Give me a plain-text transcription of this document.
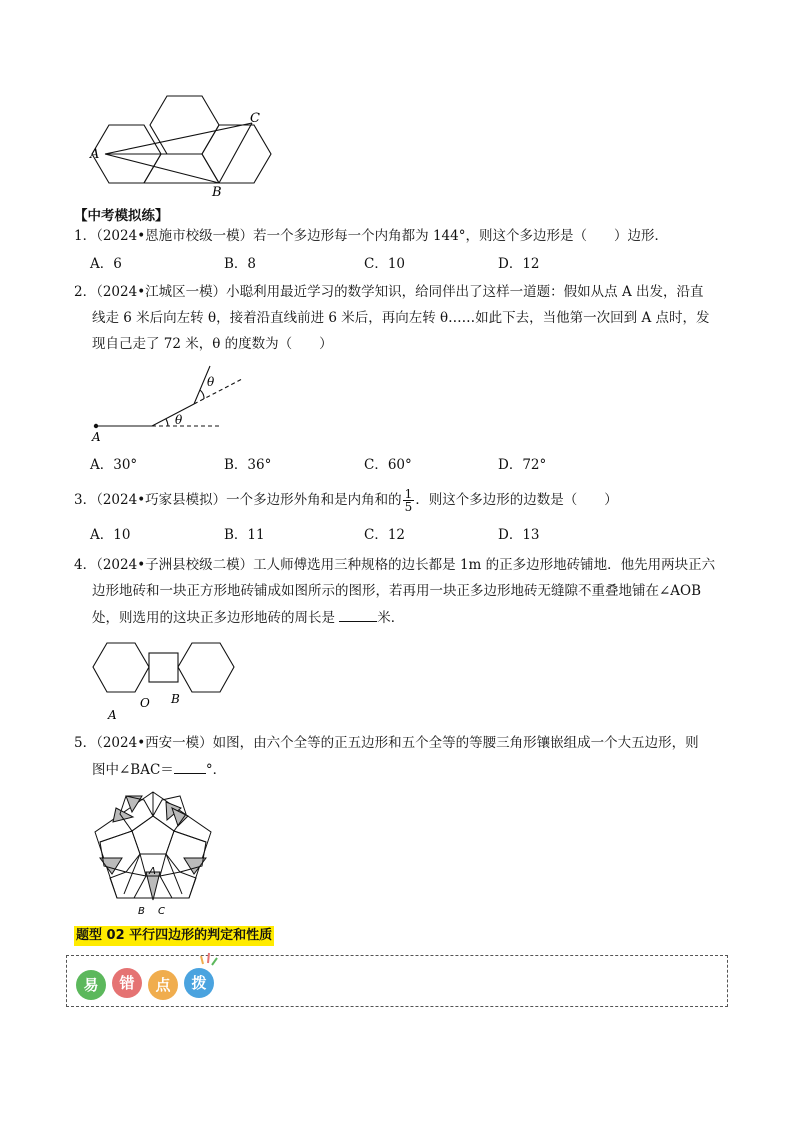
A
C
B
【中考模拟练】
1．（2024•恩施市校级一模）若一个多边形每一个内角都为 144°，则这个多边形是（　　）边形．
A．6	B．8	C．10	D．12
2．（2024•江城区一模）小聪利用最近学习的数学知识，给同伴出了这样一道题：假如从点 A 出发，沿直
线走 6 米后向左转 θ，接着沿直线前进 6 米后，再向左转 θ……如此下去，当他第一次回到 A 点时，发
现自己走了 72 米，θ 的度数为（　　）
A
θ
θ
A．30°	B．36°	C．60°	D．72°
3．（2024•巧家县模拟）一个多边形外角和是内角和的 $\frac{1}{5}$ ．则这个多边形的边数是（　　）
A．10	B．11	C．12	D．13
4．（2024•子洲县校级二模）工人师傅选用三种规格的边长都是 1m 的正多边形地砖铺地．他先用两块正六
边形地砖和一块正方形地砖铺成如图所示的图形，若再用一块正多边形地砖无缝隙不重叠地铺在∠AOB
处，则选用的这块正多边形地砖的周长是	米．
O B
A
5．（2024•西安一模）如图，由六个全等的正五边形和五个全等的等腰三角形镶嵌组成一个大五边形，则
图中∠BAC＝ °．
A
B C
题型 02 平行四边形的判定和性质
易	错	点	拨
